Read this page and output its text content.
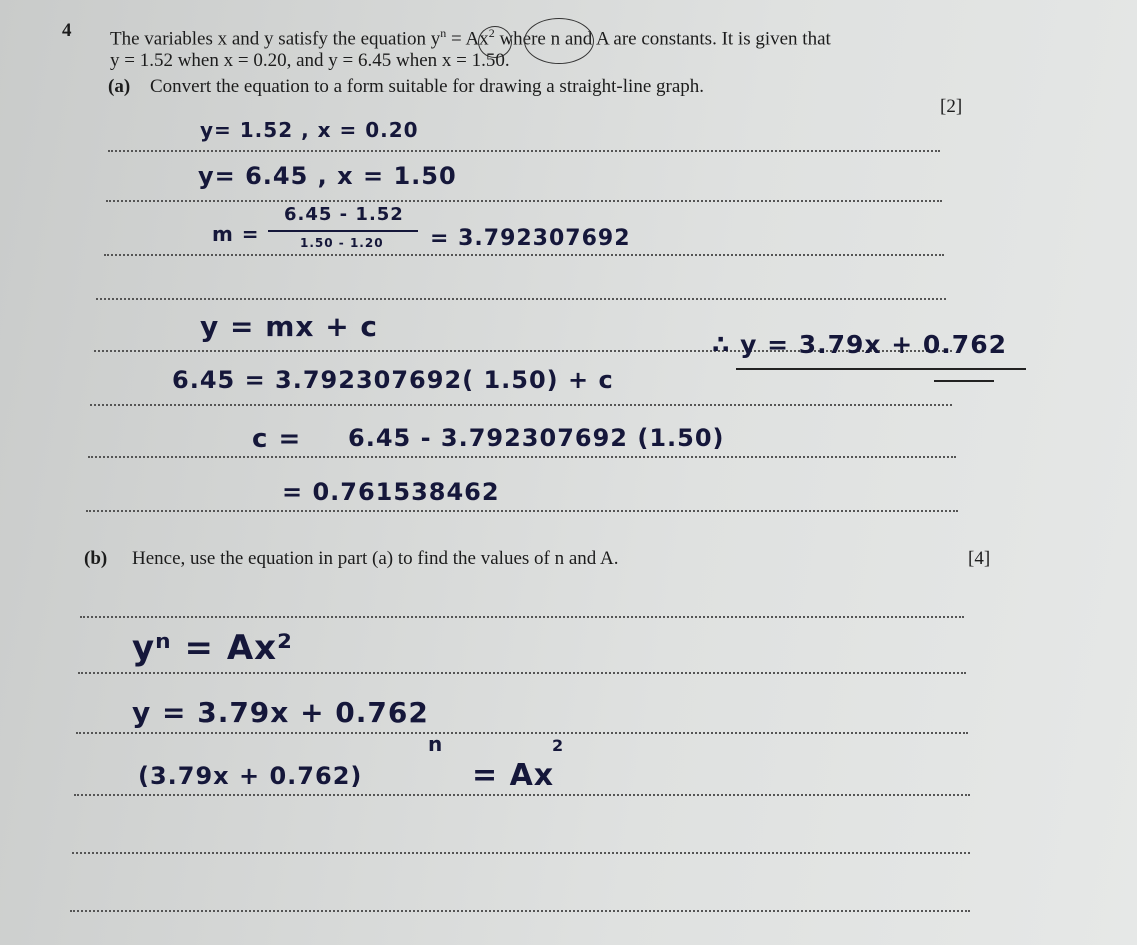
4 The variables x and y satisfy the equation $y^n = Ax^2$ where n and A are constants. It is given that
y = 1.52 when x = 0.20, and y = 6.45 when x = 1.50.
(a) Convert the equation to a form suitable for drawing a straight-line graph.
[2]
y= 1.52 , x = 0.20
y= 6.45 , x = 1.50
m =
6.45 - 1.52
1.50 - 1.20 = 3.792307692
y = mx + c
∴ y = 3.79x + 0.762
6.45 = 3.792307692( 1.50) + c
c = 6.45 - 3.792307692 (1.50)
= 0.761538462
(b) Hence, use the equation in part (a) to find the values of n and A.	[4]
yⁿ = Ax²
y = 3.79x + 0.762
(3.79x + 0.762)
n
= Ax
2
